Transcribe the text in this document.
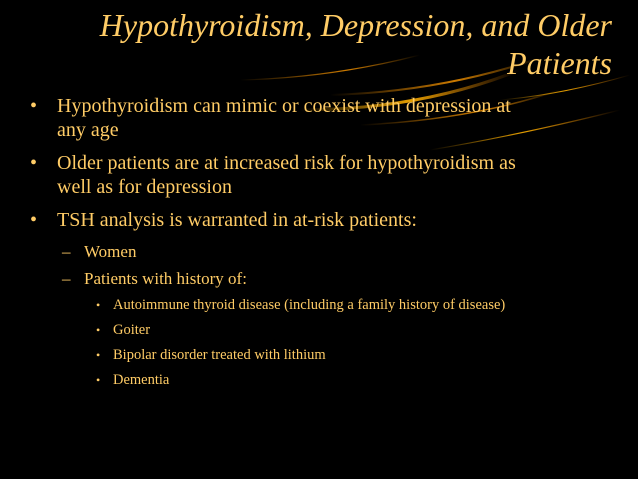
Hypothyroidism, Depression, and Older
Patients
• Hypothyroidism can mimic or coexist with depression at any age
• Older patients are at increased risk for hypothyroidism as well as for depression
• TSH analysis is warranted in at-risk patients:
– Women
– Patients with history of:
• Autoimmune thyroid disease (including a family history of disease)
• Goiter
• Bipolar disorder treated with lithium
• Dementia
